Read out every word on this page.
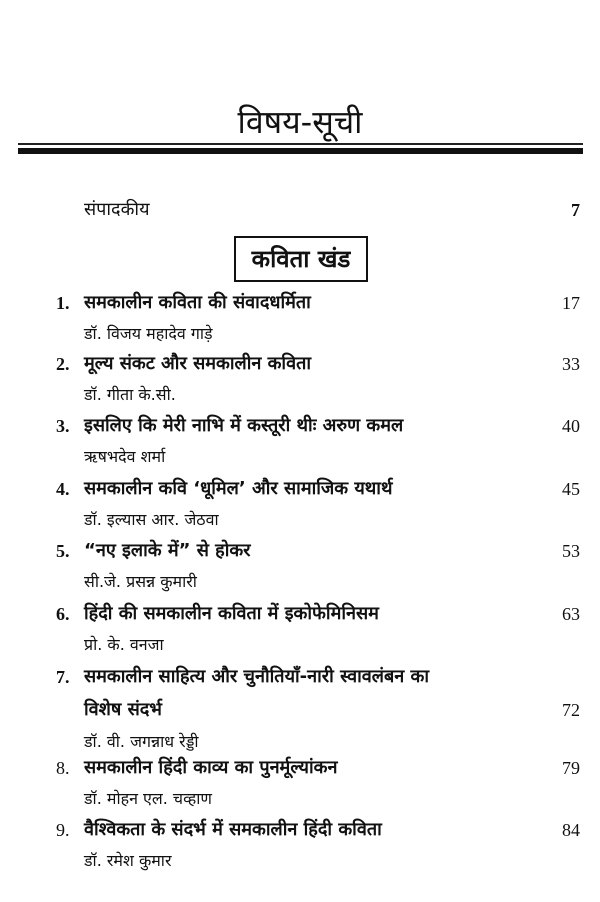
विषय-सूची
संपादकीय	7
कविता खंड
1. समकालीन कविता की संवादधर्मिता	17
डॉ. विजय महादेव गाड़े
2. मूल्य संकट और समकालीन कविता	33
डॉ. गीता के.सी.
3. इसलिए कि मेरी नाभि में कस्तूरी थीः अरुण कमल	40
ऋषभदेव शर्मा
4. समकालीन कवि ‘धूमिल’ और सामाजिक यथार्थ	45
डॉ. इल्यास आर. जेठवा
5. “नए इलाके में” से होकर	53
सी.जे. प्रसन्न कुमारी
6. हिंदी की समकालीन कविता में इकोफेमिनिसम	63
प्रो. के. वनजा
7. समकालीन साहित्य और चुनौतियाँ-नारी स्वावलंबन का
विशेष संदर्भ	72
डॉ. वी. जगन्नाध रेड्डी
8. समकालीन हिंदी काव्य का पुनर्मूल्यांकन	79
डॉ. मोहन एल. चव्हाण
9. वैश्विकता के संदर्भ में समकालीन हिंदी कविता	84
डॉ. रमेश कुमार
